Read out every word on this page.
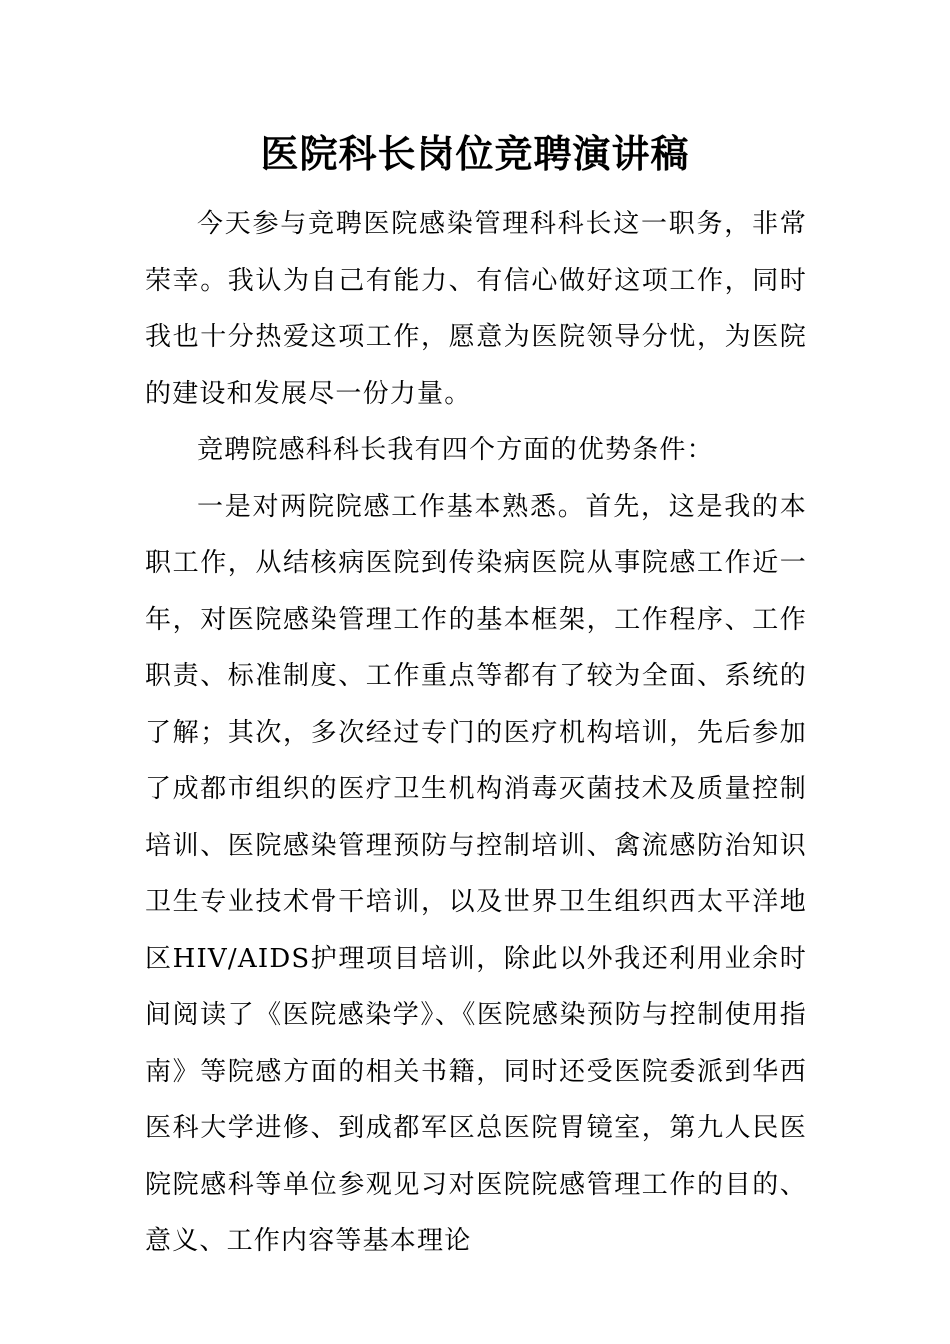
医院科长岗位竞聘演讲稿

今天参与竞聘医院感染管理科科长这一职务，非常荣幸。我认为自己有能力、有信心做好这项工作，同时我也十分热爱这项工作，愿意为医院领导分忧，为医院的建设和发展尽一份力量。

竞聘院感科科长我有四个方面的优势条件：

一是对两院院感工作基本熟悉。首先，这是我的本职工作，从结核病医院到传染病医院从事院感工作近一年，对医院感染管理工作的基本框架，工作程序、工作职责、标准制度、工作重点等都有了较为全面、系统的了解；其次，多次经过专门的医疗机构培训，先后参加了成都市组织的医疗卫生机构消毒灭菌技术及质量控制培训、医院感染管理预防与控制培训、禽流感防治知识卫生专业技术骨干培训，以及世界卫生组织西太平洋地区HIV/AIDS护理项目培训，除此以外我还利用业余时间阅读了《医院感染学》、《医院感染预防与控制使用指南》等院感方面的相关书籍，同时还受医院委派到华西医科大学进修、到成都军区总医院胃镜室，第九人民医院院感科等单位参观见习对医院院感管理工作的目的、意义、工作内容等基本理论
